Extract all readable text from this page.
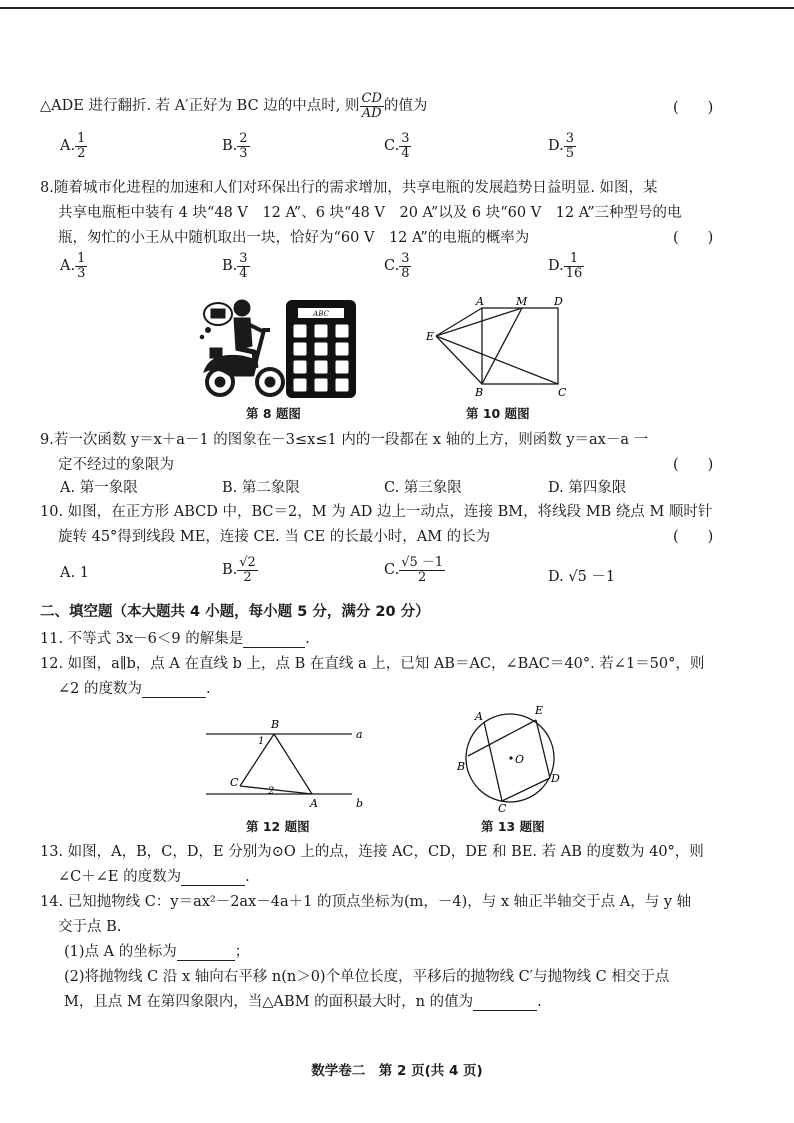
△ADE 进行翻折. 若 A′正好为 BC 边的中点时, 则 $\frac{CD}{AD}$ 的值为	(　　)
A. $\frac{1}{2}$	B. $\frac{2}{3}$	C. $\frac{3}{4}$	D. $\frac{3}{5}$
8.随着城市化进程的加速和人们对环保出行的需求增加，共享电瓶的发展趋势日益明显. 如图，某
共享电瓶柜中装有 4 块“48 V　12 A”、6 块“48 V　20 A”以及 6 块“60 V　12 A”三种型号的电
瓶，匆忙的小王从中随机取出一块，恰好为“60 V　12 A”的电瓶的概率为	(　　)
A. $\frac{1}{3}$	B. $\frac{3}{4}$	C. $\frac{3}{8}$	D. $\frac{1}{16}$
ABC
第 8 题图
A	M D
E
B	C
第 10 题图
9.若一次函数 y＝x＋a－1 的图象在－3≤x≤1 内的一段都在 x 轴的上方，则函数 y＝ax－a 一
定不经过的象限为	(　　)
A. 第一象限	B. 第二象限	C. 第三象限	D. 第四象限
10. 如图，在正方形 ABCD 中，BC＝2，M 为 AD 边上一动点，连接 BM，将线段 MB 绕点 M 顺时针
旋转 45°得到线段 ME，连接 CE. 当 CE 的长最小时，AM 的长为	(　　)
A. 1	B. $\frac{√2}{2}$	C. $\frac{√5 -1}{2}$	D. √5 －1
二、填空题（本大题共 4 小题，每小题 5 分，满分 20 分）
11. 不等式 3x－6＜9 的解集是	.
12. 如图，a∥b，点 A 在直线 b 上，点 B 在直线 a 上，已知 AB＝AC，∠BAC＝40°. 若∠1＝50°，则
∠2 的度数为	.
B
1
a
C
2
A	b
第 12 题图
A	E
O
B
D
C
第 13 题图
13. 如图，A，B，C，D，E 分别为⊙O 上的点，连接 AC，CD，DE 和 BE. 若 AB 的度数为 40°，则
∠C＋∠E 的度数为	.
14. 已知抛物线 C：y＝ax²－2ax－4a＋1 的顶点坐标为(m，－4)，与 x 轴正半轴交于点 A，与 y 轴
交于点 B.
(1)点 A 的坐标为	；
(2)将抛物线 C 沿 x 轴向右平移 n(n＞0)个单位长度，平移后的抛物线 C′与抛物线 C 相交于点
M，且点 M 在第四象限内，当△ABM 的面积最大时，n 的值为	.
数学卷二　第 2 页(共 4 页)
